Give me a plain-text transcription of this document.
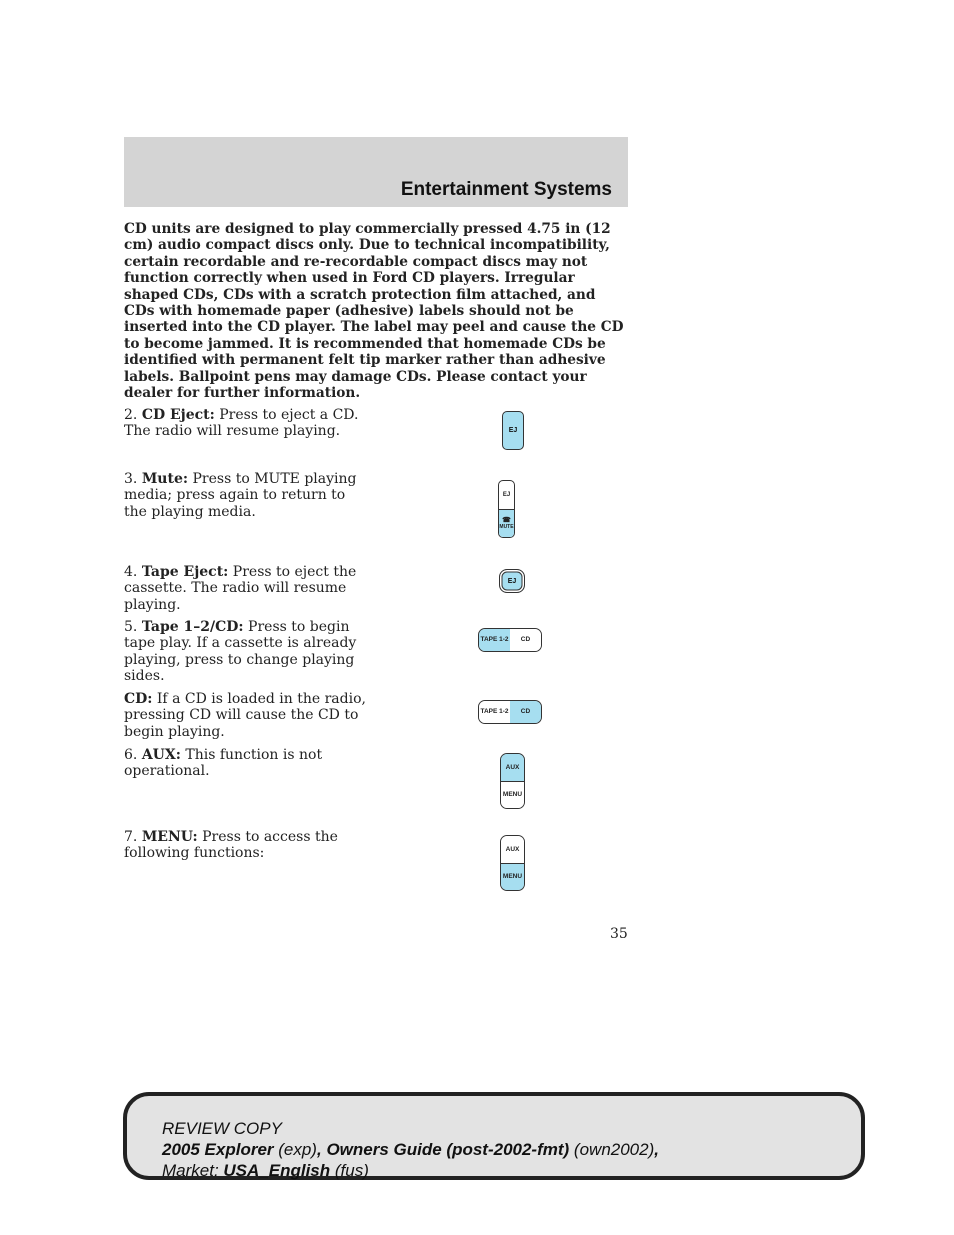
Entertainment Systems

CD units are designed to play commercially pressed 4.75 in (12 cm) audio compact discs only. Due to technical incompatibility, certain recordable and re-recordable compact discs may not function correctly when used in Ford CD players. Irregular shaped CDs, CDs with a scratch protection film attached, and CDs with homemade paper (adhesive) labels should not be inserted into the CD player. The label may peel and cause the CD to become jammed. It is recommended that homemade CDs be identified with permanent felt tip marker rather than adhesive labels. Ballpoint pens may damage CDs. Please contact your dealer for further information.

2. CD Eject: Press to eject a CD. The radio will resume playing.

3. Mute: Press to MUTE playing media; press again to return to the playing media.

4. Tape Eject: Press to eject the cassette. The radio will resume playing.

5. Tape 1–2/CD: Press to begin tape play. If a cassette is already playing, press to change playing sides.

CD: If a CD is loaded in the radio, pressing CD will cause the CD to begin playing.

6. AUX: This function is not operational.

7. MENU: Press to access the following functions:

EJ
EJ
☎
MUTE
EJ
TAPE 1-2	CD
TAPE 1-2	CD
AUX
MENU
AUX
MENU
35
REVIEW COPY
2005 Explorer (exp), Owners Guide (post-2002-fmt) (own2002),
Market: USA_English (fus)
